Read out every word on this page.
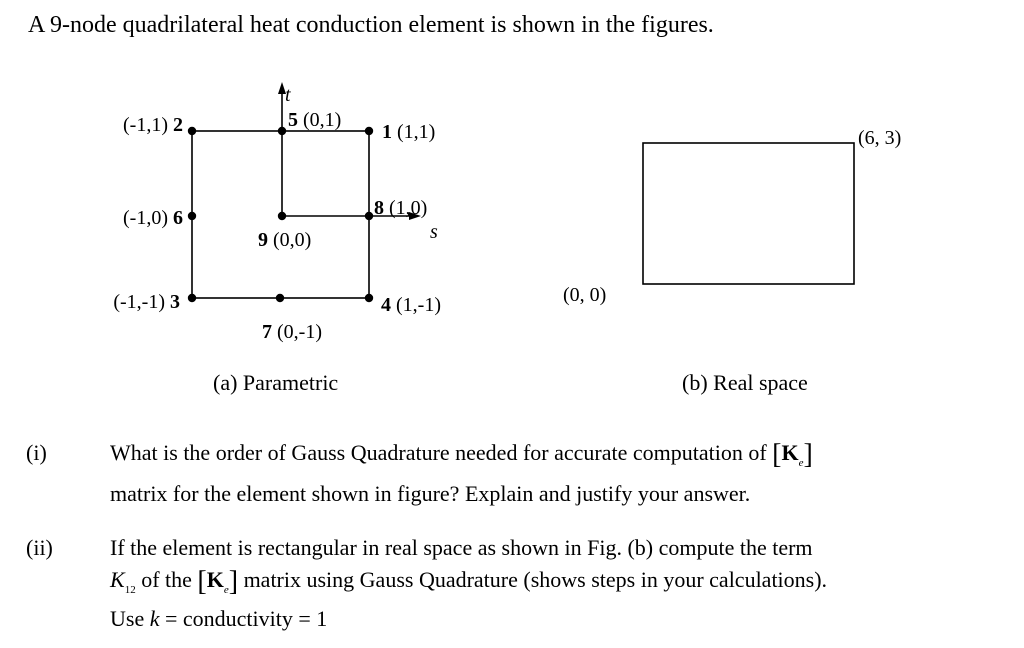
A 9-node quadrilateral heat conduction element is shown in the figures.
t
s
1 (1,1)
(-1,1) 2
(-1,-1) 3	4 (1,-1)
5 (0,1)
(-1,0) 6
7 (0,-1)
8 (1,0)
9 (0,0)
(6, 3)
(0, 0)
(a) Parametric	(b) Real space
(i)	What is the order of Gauss Quadrature needed for accurate computation of $[K_e]$
matrix for the element shown in figure? Explain and justify your answer.
(ii)	If the element is rectangular in real space as shown in Fig. (b) compute the term
$K_{12}$ of the $[K_e]$ matrix using Gauss Quadrature (shows steps in your calculations).
Use k = conductivity = 1
